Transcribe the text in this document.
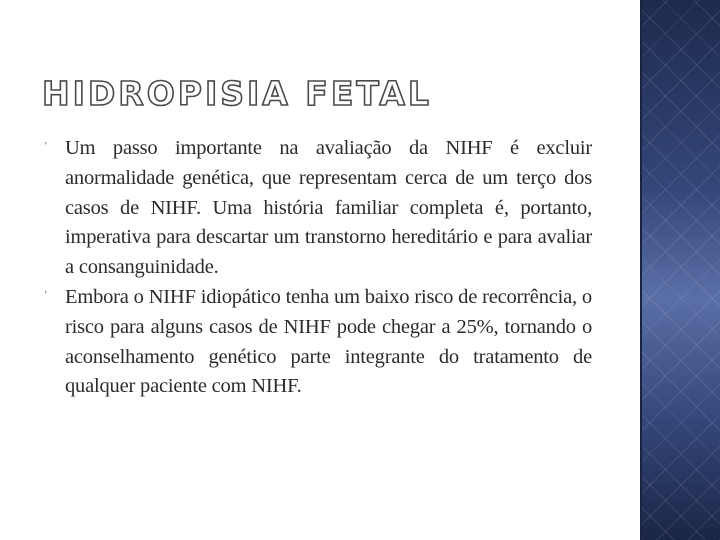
HIDROPISIA FETAL
’ Um passo importante na avaliação da NIHF é excluir anormalidade genética, que representam cerca de um terço dos casos de NIHF. Uma história familiar completa é, portanto, imperativa para descartar um transtorno hereditário e para avaliar a consanguinidade.
’ Embora o NIHF idiopático tenha um baixo risco de recorrência, o risco para alguns casos de NIHF pode chegar a 25%, tornando o aconselhamento genético parte integrante do tratamento de qualquer paciente com NIHF.
